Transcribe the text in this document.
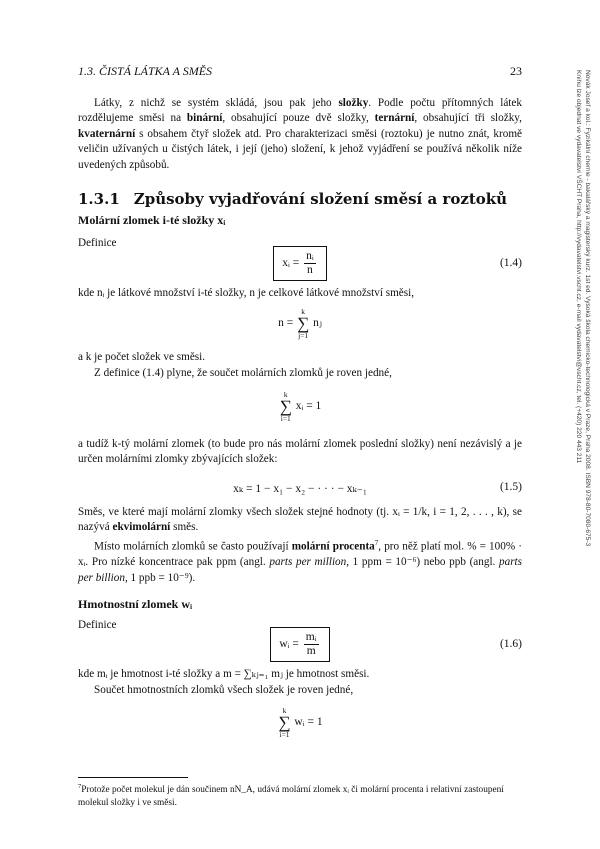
1.3. ČISTÁ LÁTKA A SMĚS	23
Látky, z nichž se systém skládá, jsou pak jeho složky. Podle počtu přítomných látek rozdělujeme směsi na binární, obsahující pouze dvě složky, ternární, obsahující tři složky, kvaternární s obsahem čtyř složek atd. Pro charakterizaci směsi (roztoku) je nutno znát, kromě veličin užívaných u čistých látek, i její (jeho) složení, k jehož vyjádření se používá několik níže uvedených způsobů.
1.3.1 Způsoby vyjadřování složení směsí a roztoků
Molární zlomek i-té složky xᵢ
Definice
xᵢ = $\frac{\text{nᵢ}}{n}$	(1.4)
kde nᵢ je látkové množství i-té složky, n je celkové látkové množství směsi,
n =
k
∑
j=1
nⱼ
a k je počet složek ve směsi.
Z definice (1.4) plyne, že součet molárních zlomků je roven jedné,
k
∑
i=1
xᵢ = 1
a tudíž k-tý molární zlomek (to bude pro nás molární zlomek poslední složky) není nezávislý a je určen molárními zlomky zbývajících složek:
xₖ = 1 − x₁ − x₂ − · · · − xₖ₋₁	(1.5)
Směs, ve které mají molární zlomky všech složek stejné hodnoty (tj. xᵢ = 1/k, i = 1, 2, . . . , k), se nazývá ekvimolární směs.
Místo molárních zlomků se často používají molární procenta$^7$, pro něž platí mol. % = 100% · xᵢ. Pro nízké koncentrace pak ppm (angl. parts per million, 1 ppm = 10⁻⁶) nebo ppb (angl. parts per billion, 1 ppb = 10⁻⁹).
Hmotnostní zlomek wᵢ
Definice
wᵢ = $\frac{\text{mᵢ}}{m}$	(1.6)
kde mᵢ je hmotnost i-té složky a m = ∑ₖⱼ₌₁ mⱼ je hmotnost směsi.
Součet hmotnostních zlomků všech složek je roven jedné,
k
∑
i=1
wᵢ = 1
$^7$Protože počet molekul je dán součinem nN_A, udává molární zlomek xᵢ či molární procenta i relativní zastoupení molekul složky i ve směsi.
Novák Josef a kol.: Fyzikální chemie - bakalářský a magisterský kurz. 1st ed. Vysoká škola chemicko-technologická v Praze, Praha 2008. ISBN 978-80-7080-675-3
Knihu lze objednat ve vydavatelství VŠCHT Praha, http://vydavatelstvi.vscht.cz, e-mail vydavatelstvi@vscht.cz, tel. (+420) 220 443 211
